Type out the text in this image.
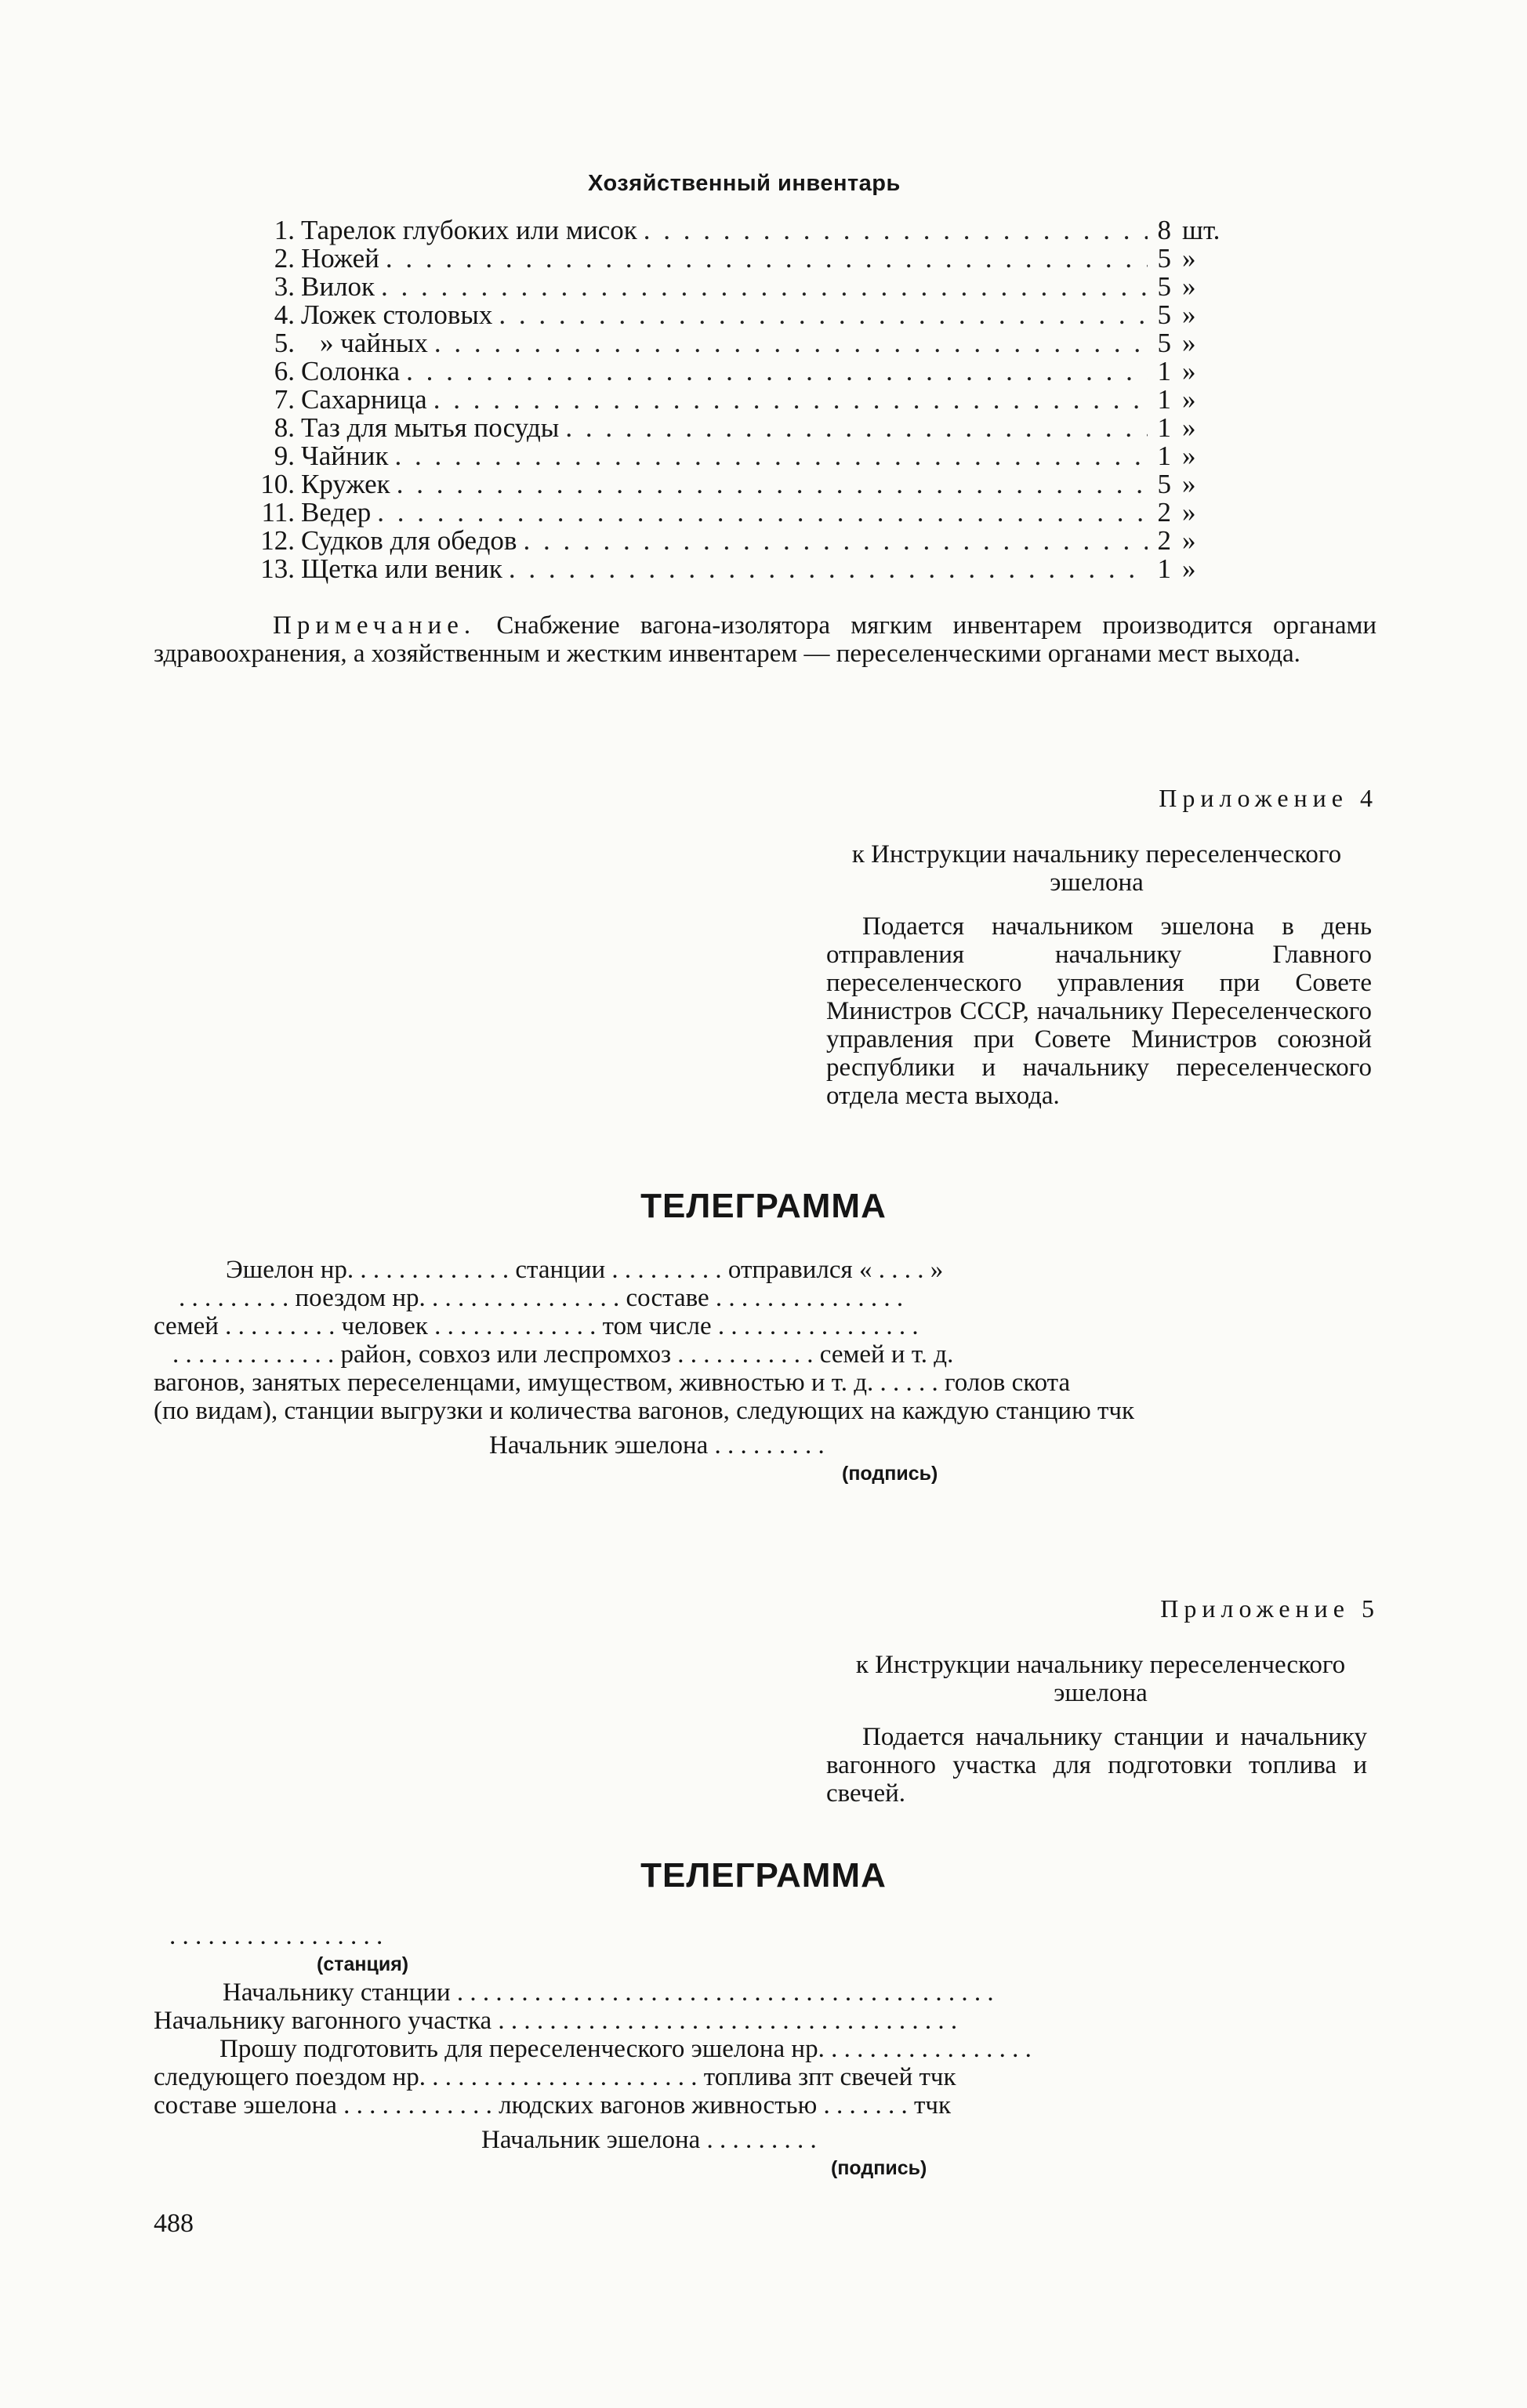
Хозяйственный инвентарь
1. Тарелок глубоких или мисок . . .	8 шт.
2. Ножей . . .	5 »
3. Вилок . . .	5 »
4. Ложек столовых . . .	5 »
5. » чайных . . .	5 »
6. Солонка . . .	1 »
7. Сахарница . . .	1 »
8. Таз для мытья посуды . . .	1 »
9. Чайник . . .	1 »
10. Кружек . . .	5 »
11. Ведер . . .	2 »
12. Судков для обедов . . .	2 »
13. Щетка или веник . . .	1 »
Примечание. Снабжение вагона-изолятора мягким инвентарем производится органами здравоохранения, а хозяйственным и жестким инвентарем — переселенческими органами мест выхода.
Приложение 4
к Инструкции начальнику переселенческого эшелона
Подается начальником эшелона в день отправления начальнику Главного переселенческого управления при Совете Министров СССР, начальнику Переселенческого управления при Совете Министров союзной республики и начальнику переселенческого отдела места выхода.
ТЕЛЕГРАММА
Эшелон нр. . . . . . . . . . . . . станции . . . . . . . . . отправился « . . . . »
. . . . . . . . . поездом нр. . . . . . . . . . . . . . . . составе . . . . . . . . . . . . . . .
семей . . . . . . . . . человек . . . . . . . . . . . . . том числе . . . . . . . . . . . . . . . .
. . . . . . . . . . . . . район, совхоз или леспромхоз . . . . . . . . . . . семей и т. д.
вагонов, занятых переселенцами, имуществом, живностью и т. д. . . . . . голов скота
(по видам), станции выгрузки и количества вагонов, следующих на каждую станцию тчк
Начальник эшелона . . . . . . . . .
(подпись)
Приложение 5
к Инструкции начальнику переселенческого эшелона
Подается начальнику станции и начальнику вагонного участка для подготовки топлива и свечей.
ТЕЛЕГРАММА
. . . . . . . . . . . . . . . . .
(станция)
Начальнику станции . . . . . . . . . . . . . . . . . . . . . . . . . . . . . . . . . . . . . . . . . .
Начальнику вагонного участка . . . . . . . . . . . . . . . . . . . . . . . . . . . . . . . . . . . .
Прошу подготовить для переселенческого эшелона нр. . . . . . . . . . . . . . . . .
следующего поездом нр. . . . . . . . . . . . . . . . . . . . . . топлива зпт свечей тчк
составе эшелона . . . . . . . . . . . . людских вагонов живностью . . . . . . . тчк
Начальник эшелона . . . . . . . . .
(подпись)
488
